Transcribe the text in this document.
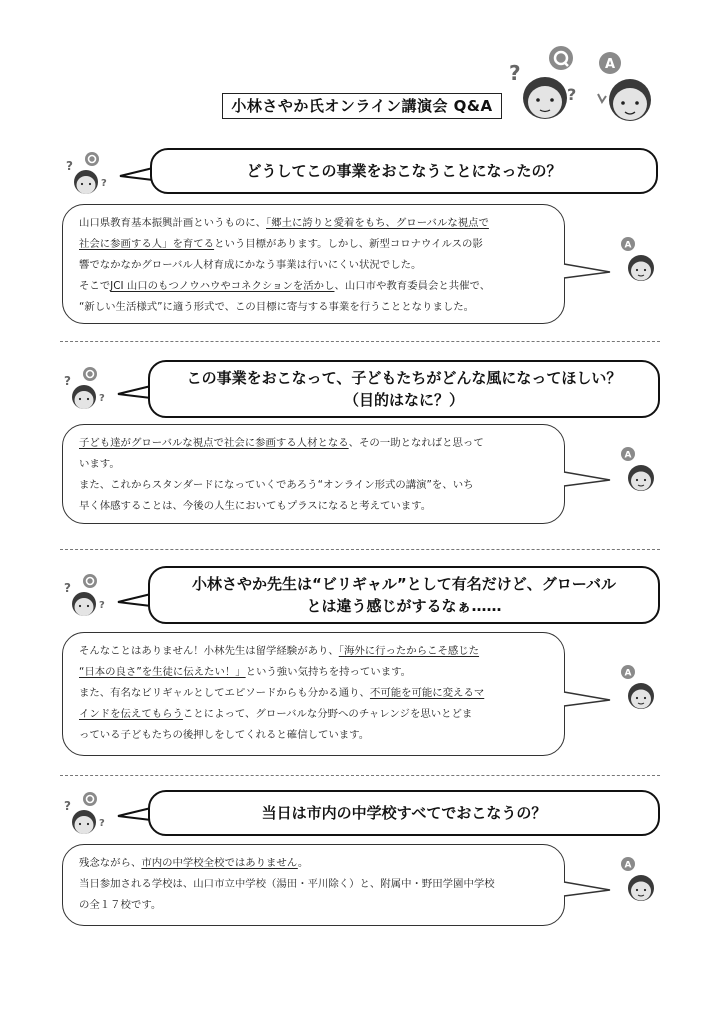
?
?
A
小林さやか氏オンライン講演会 Q&A
?
?
どうしてこの事業をおこなうことになったの？

山口県教育基本振興計画というものに、「郷土に誇りと愛着をもち、グローバルな視点で

社会に参画する人」を育てるという目標があります。しかし、新型コロナウイルスの影

響でなかなかグローバル人材育成にかなう事業は行いにくい状況でした。

そこでJCI 山口のもつノウハウやコネクションを活かし、山口市や教育委員会と共催で、

“新しい生活様式”に適う形式で、この目標に寄与する事業を行うこととなりました。

A
?
?
この事業をおこなって、子どもたちがどんな風になってほしい？
（目的はなに？）

子ども達がグローバルな視点で社会に参画する人材となる、その一助となればと思って

います。

また、これからスタンダードになっていくであろう“オンライン形式の講演”を、いち

早く体感することは、今後の人生においてもプラスになると考えています。

A
?
?
小林さやか先生は“ビリギャル”として有名だけど、グローバル
とは違う感じがするなぁ……

そんなことはありません！小林先生は留学経験があり、「海外に行ったからこそ感じた

“日本の良さ”を生徒に伝えたい！」という強い気持ちを持っています。

また、有名なビリギャルとしてエピソードからも分かる通り、不可能を可能に変えるマ

インドを伝えてもらうことによって、グローバルな分野へのチャレンジを思いとどま

っている子どもたちの後押しをしてくれると確信しています。

A
?
?
当日は市内の中学校すべてでおこなうの？

残念ながら、市内の中学校全校ではありません。

当日参加される学校は、山口市立中学校（湯田・平川除く）と、附属中・野田学園中学校

の全１７校です。

A
